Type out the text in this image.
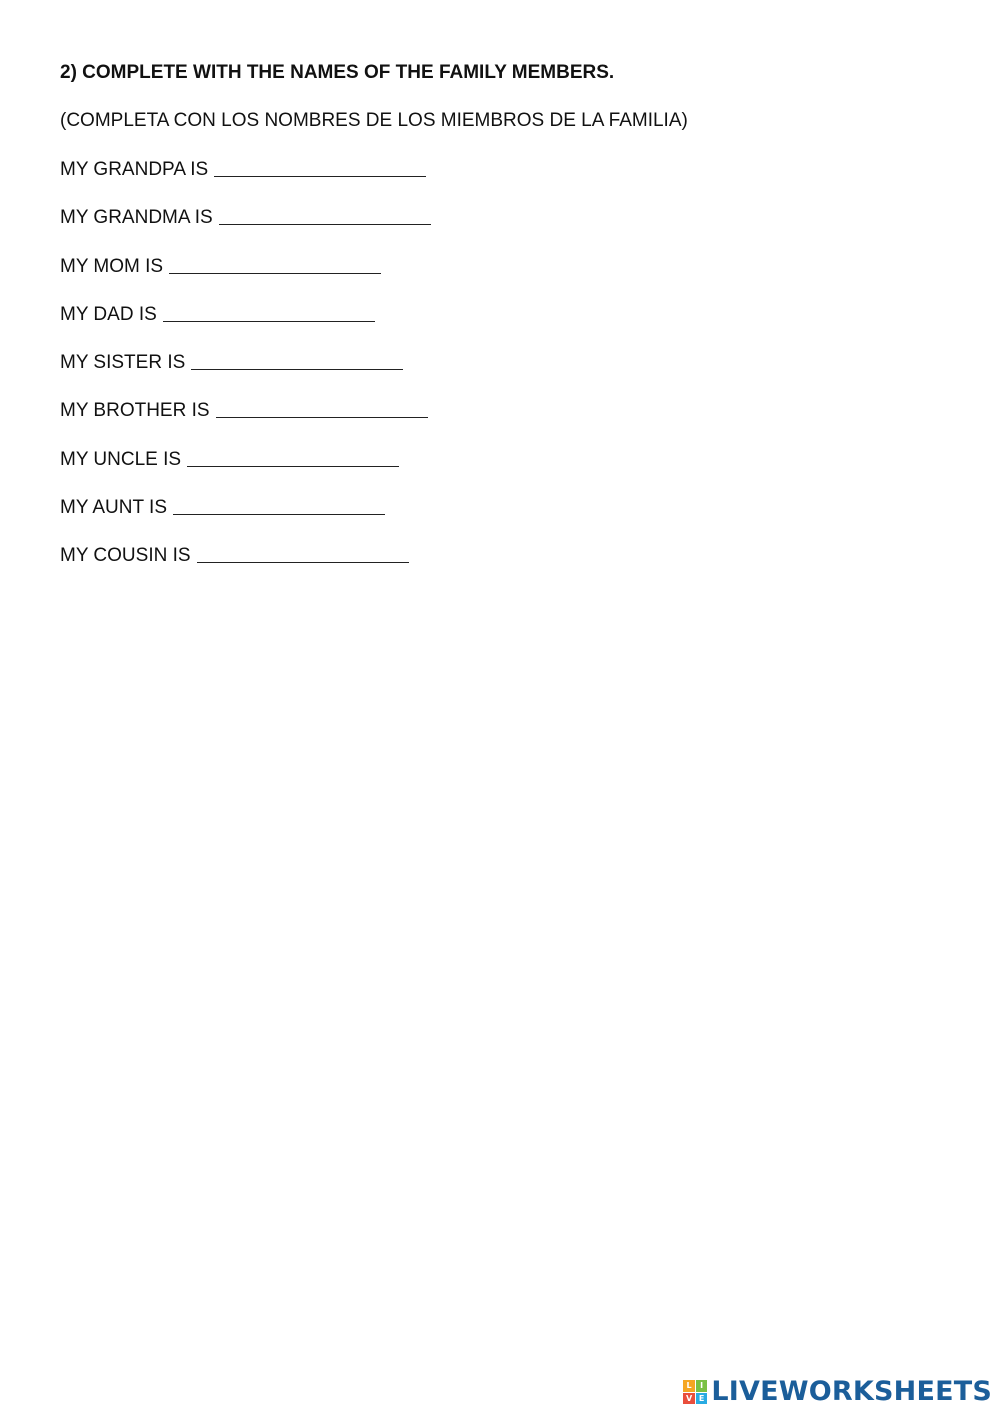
2) COMPLETE WITH THE NAMES OF THE FAMILY MEMBERS.
(COMPLETA CON LOS NOMBRES DE LOS MIEMBROS DE LA FAMILIA)
MY GRANDPA IS
MY GRANDMA IS
MY MOM IS
MY DAD IS
MY SISTER IS
MY BROTHER IS
MY UNCLE IS
MY AUNT IS
MY COUSIN IS
L	I
V E LIVEWORKSHEETS
